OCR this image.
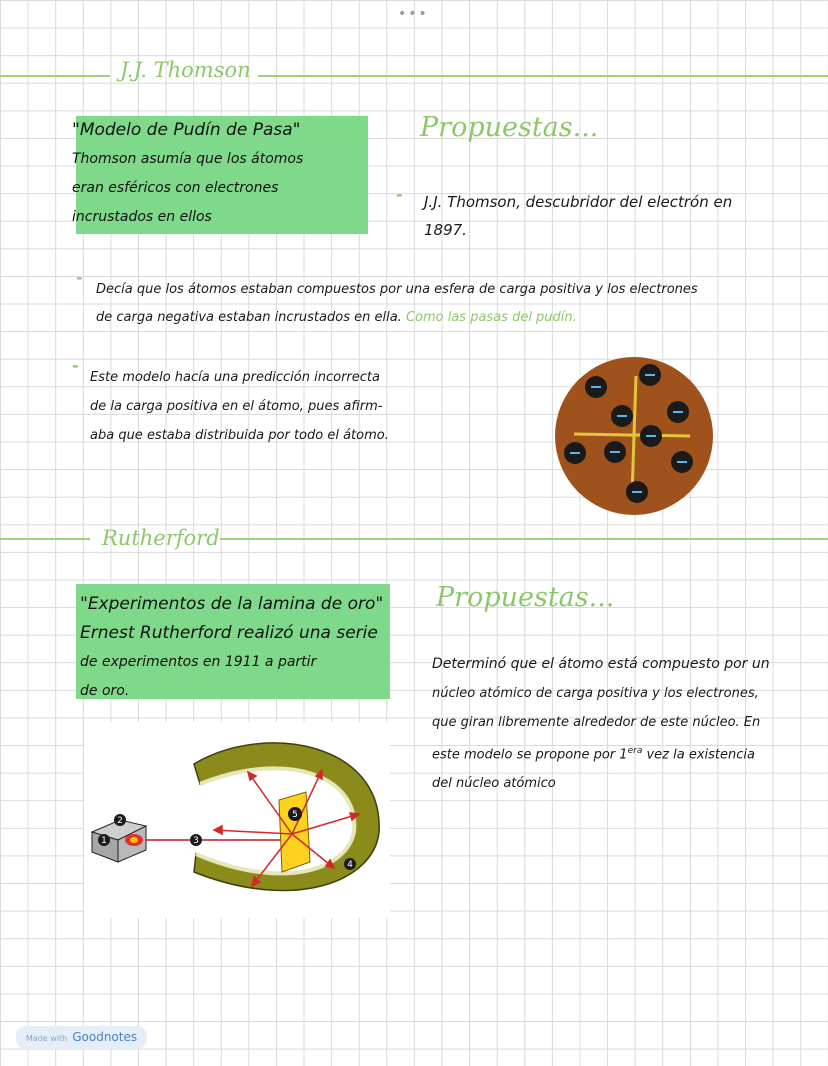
•••
J.J. Thomson
"Modelo de Pudín de Pasa"
Thomson asumía que los átomos
eran esféricos con electrones
incrustados en ellos
Propuestas...
- J.J. Thomson, descubridor del electrón en
1897.
-
Decía que los átomos estaban compuestos por una esfera de carga positiva y los electrones
de carga negativa estaban incrustados en ella. Como las pasas del pudín.
-
Este modelo hacía una predicción incorrecta
de la carga positiva en el átomo, pues afirm-
aba que estaba distribuida por todo el átomo.
Rutherford
"Experimentos de la lamina de oro"
Ernest Rutherford realizó una serie
de experimentos en 1911 a partir
de oro.
Propuestas...
Determinó que el átomo está compuesto por un
núcleo atómico de carga positiva y los electrones,
que giran libremente alrededor de este núcleo. En
este modelo se propone por $1^{era}$ vez la existencia
del núcleo atómico
1
2
3
4
5
Made with Goodnotes
